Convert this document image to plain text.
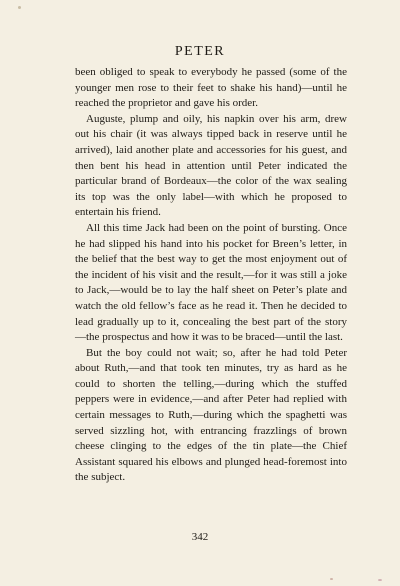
PETER

been obliged to speak to everybody he passed (some of the younger men rose to their feet to shake his hand)—until he reached the proprietor and gave his order.

Auguste, plump and oily, his napkin over his arm, drew out his chair (it was always tipped back in reserve until he arrived), laid another plate and accessories for his guest, and then bent his head in attention until Peter indicated the particular brand of Bordeaux—the color of the wax sealing its top was the only label—with which he proposed to entertain his friend.

All this time Jack had been on the point of bursting. Once he had slipped his hand into his pocket for Breen’s letter, in the belief that the best way to get the most enjoyment out of the incident of his visit and the result,—for it was still a joke to Jack,—would be to lay the half sheet on Peter’s plate and watch the old fellow’s face as he read it. Then he decided to lead gradually up to it, concealing the best part of the story —the prospectus and how it was to be braced—until the last.

But the boy could not wait; so, after he had told Peter about Ruth,—and that took ten minutes, try as hard as he could to shorten the telling,—during which the stuffed peppers were in evidence,—and after Peter had replied with certain messages to Ruth,—during which the spaghetti was served sizzling hot, with entrancing frazzlings of brown cheese clinging to the edges of the tin plate—the Chief Assistant squared his elbows and plunged head-foremost into the subject.

342
